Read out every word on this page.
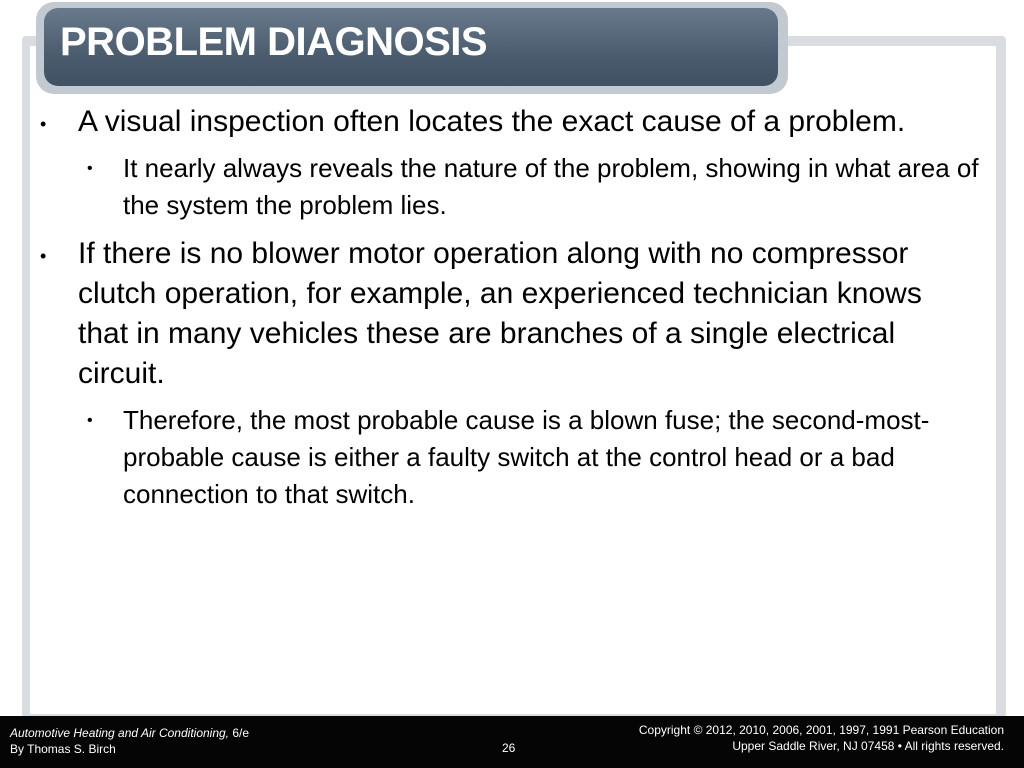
PROBLEM DIAGNOSIS
• A visual inspection often locates the exact cause of a problem.
• It nearly always reveals the nature of the problem, showing in what area of the system the problem lies.
• If there is no blower motor operation along with no compressor clutch operation, for example, an experienced technician knows that in many vehicles these are branches of a single electrical circuit.
• Therefore, the most probable cause is a blown fuse; the second-most-probable cause is either a faulty switch at the control head or a bad connection to that switch.
Automotive Heating and Air Conditioning, 6/e
By Thomas S. Birch	26
Copyright © 2012, 2010, 2006, 2001, 1997, 1991 Pearson Education
Upper Saddle River, NJ 07458 • All rights reserved.
